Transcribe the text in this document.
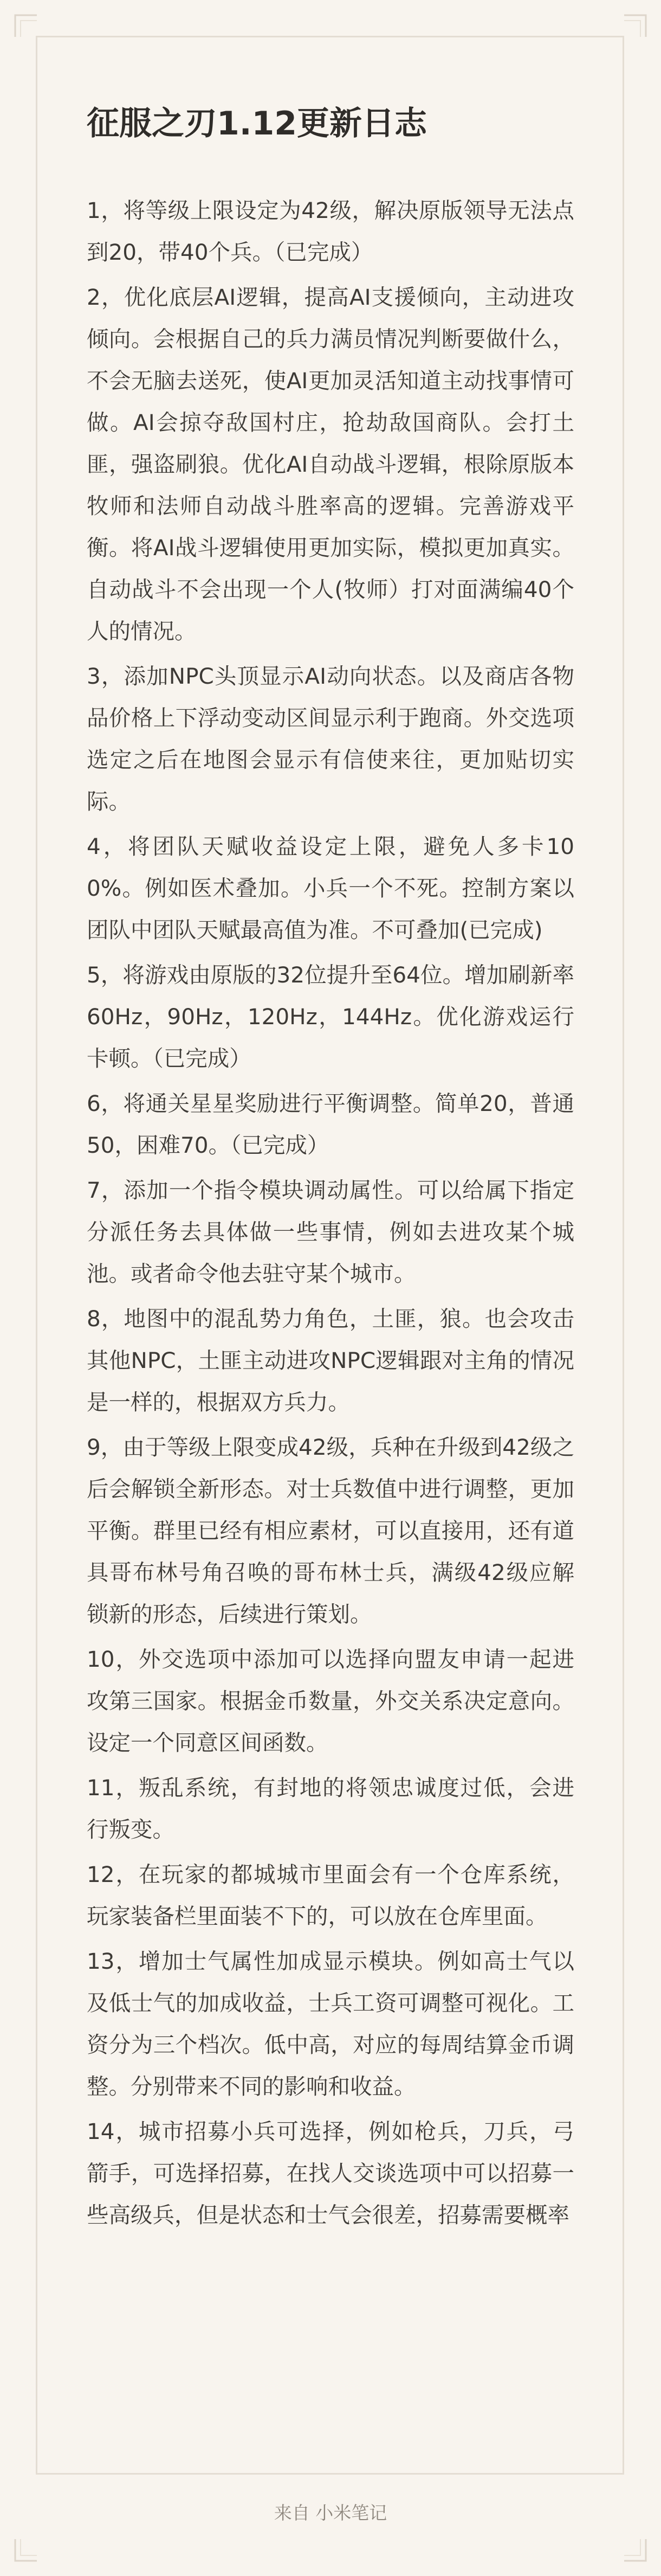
征服之刃1.12更新日志

1，将等级上限设定为42级，解决原版领导无法点到20，带40个兵。（已完成）

2，优化底层AI逻辑，提高AI支援倾向，主动进攻倾向。会根据自己的兵力满员情况判断要做什么，不会无脑去送死，使AI更加灵活知道主动找事情可做。AI会掠夺敌国村庄，抢劫敌国商队。会打土匪，强盗刷狼。优化AI自动战斗逻辑，根除原版本牧师和法师自动战斗胜率高的逻辑。完善游戏平衡。将AI战斗逻辑使用更加实际，模拟更加真实。自动战斗不会出现一个人(牧师）打对面满编40个人的情况。

3，添加NPC头顶显示AI动向状态。以及商店各物品价格上下浮动变动区间显示利于跑商。外交选项选定之后在地图会显示有信使来往，更加贴切实际。

4，将团队天赋收益设定上限，避免人多卡100%。例如医术叠加。小兵一个不死。控制方案以团队中团队天赋最高值为准。不可叠加(已完成)

5，将游戏由原版的32位提升至64位。增加刷新率60Hz，90Hz，120Hz，144Hz。优化游戏运行卡顿。（已完成）

6，将通关星星奖励进行平衡调整。简单20，普通50，困难70。（已完成）

7，添加一个指令模块调动属性。可以给属下指定分派任务去具体做一些事情，例如去进攻某个城池。或者命令他去驻守某个城市。

8，地图中的混乱势力角色，土匪，狼。也会攻击其他NPC，土匪主动进攻NPC逻辑跟对主角的情况是一样的，根据双方兵力。

9，由于等级上限变成42级，兵种在升级到42级之后会解锁全新形态。对士兵数值中进行调整，更加平衡。群里已经有相应素材，可以直接用，还有道具哥布林号角召唤的哥布林士兵，满级42级应解锁新的形态，后续进行策划。

10，外交选项中添加可以选择向盟友申请一起进攻第三国家。根据金币数量，外交关系决定意向。设定一个同意区间函数。

11，叛乱系统，有封地的将领忠诚度过低，会进行叛变。

12，在玩家的都城城市里面会有一个仓库系统，玩家装备栏里面装不下的，可以放在仓库里面。

13，增加士气属性加成显示模块。例如高士气以及低士气的加成收益，士兵工资可调整可视化。工资分为三个档次。低中高，对应的每周结算金币调整。分别带来不同的影响和收益。

14，城市招募小兵可选择，例如枪兵，刀兵，弓箭手，可选择招募，在找人交谈选项中可以招募一些高级兵，但是状态和士气会很差，招募需要概率

来自 小米笔记
